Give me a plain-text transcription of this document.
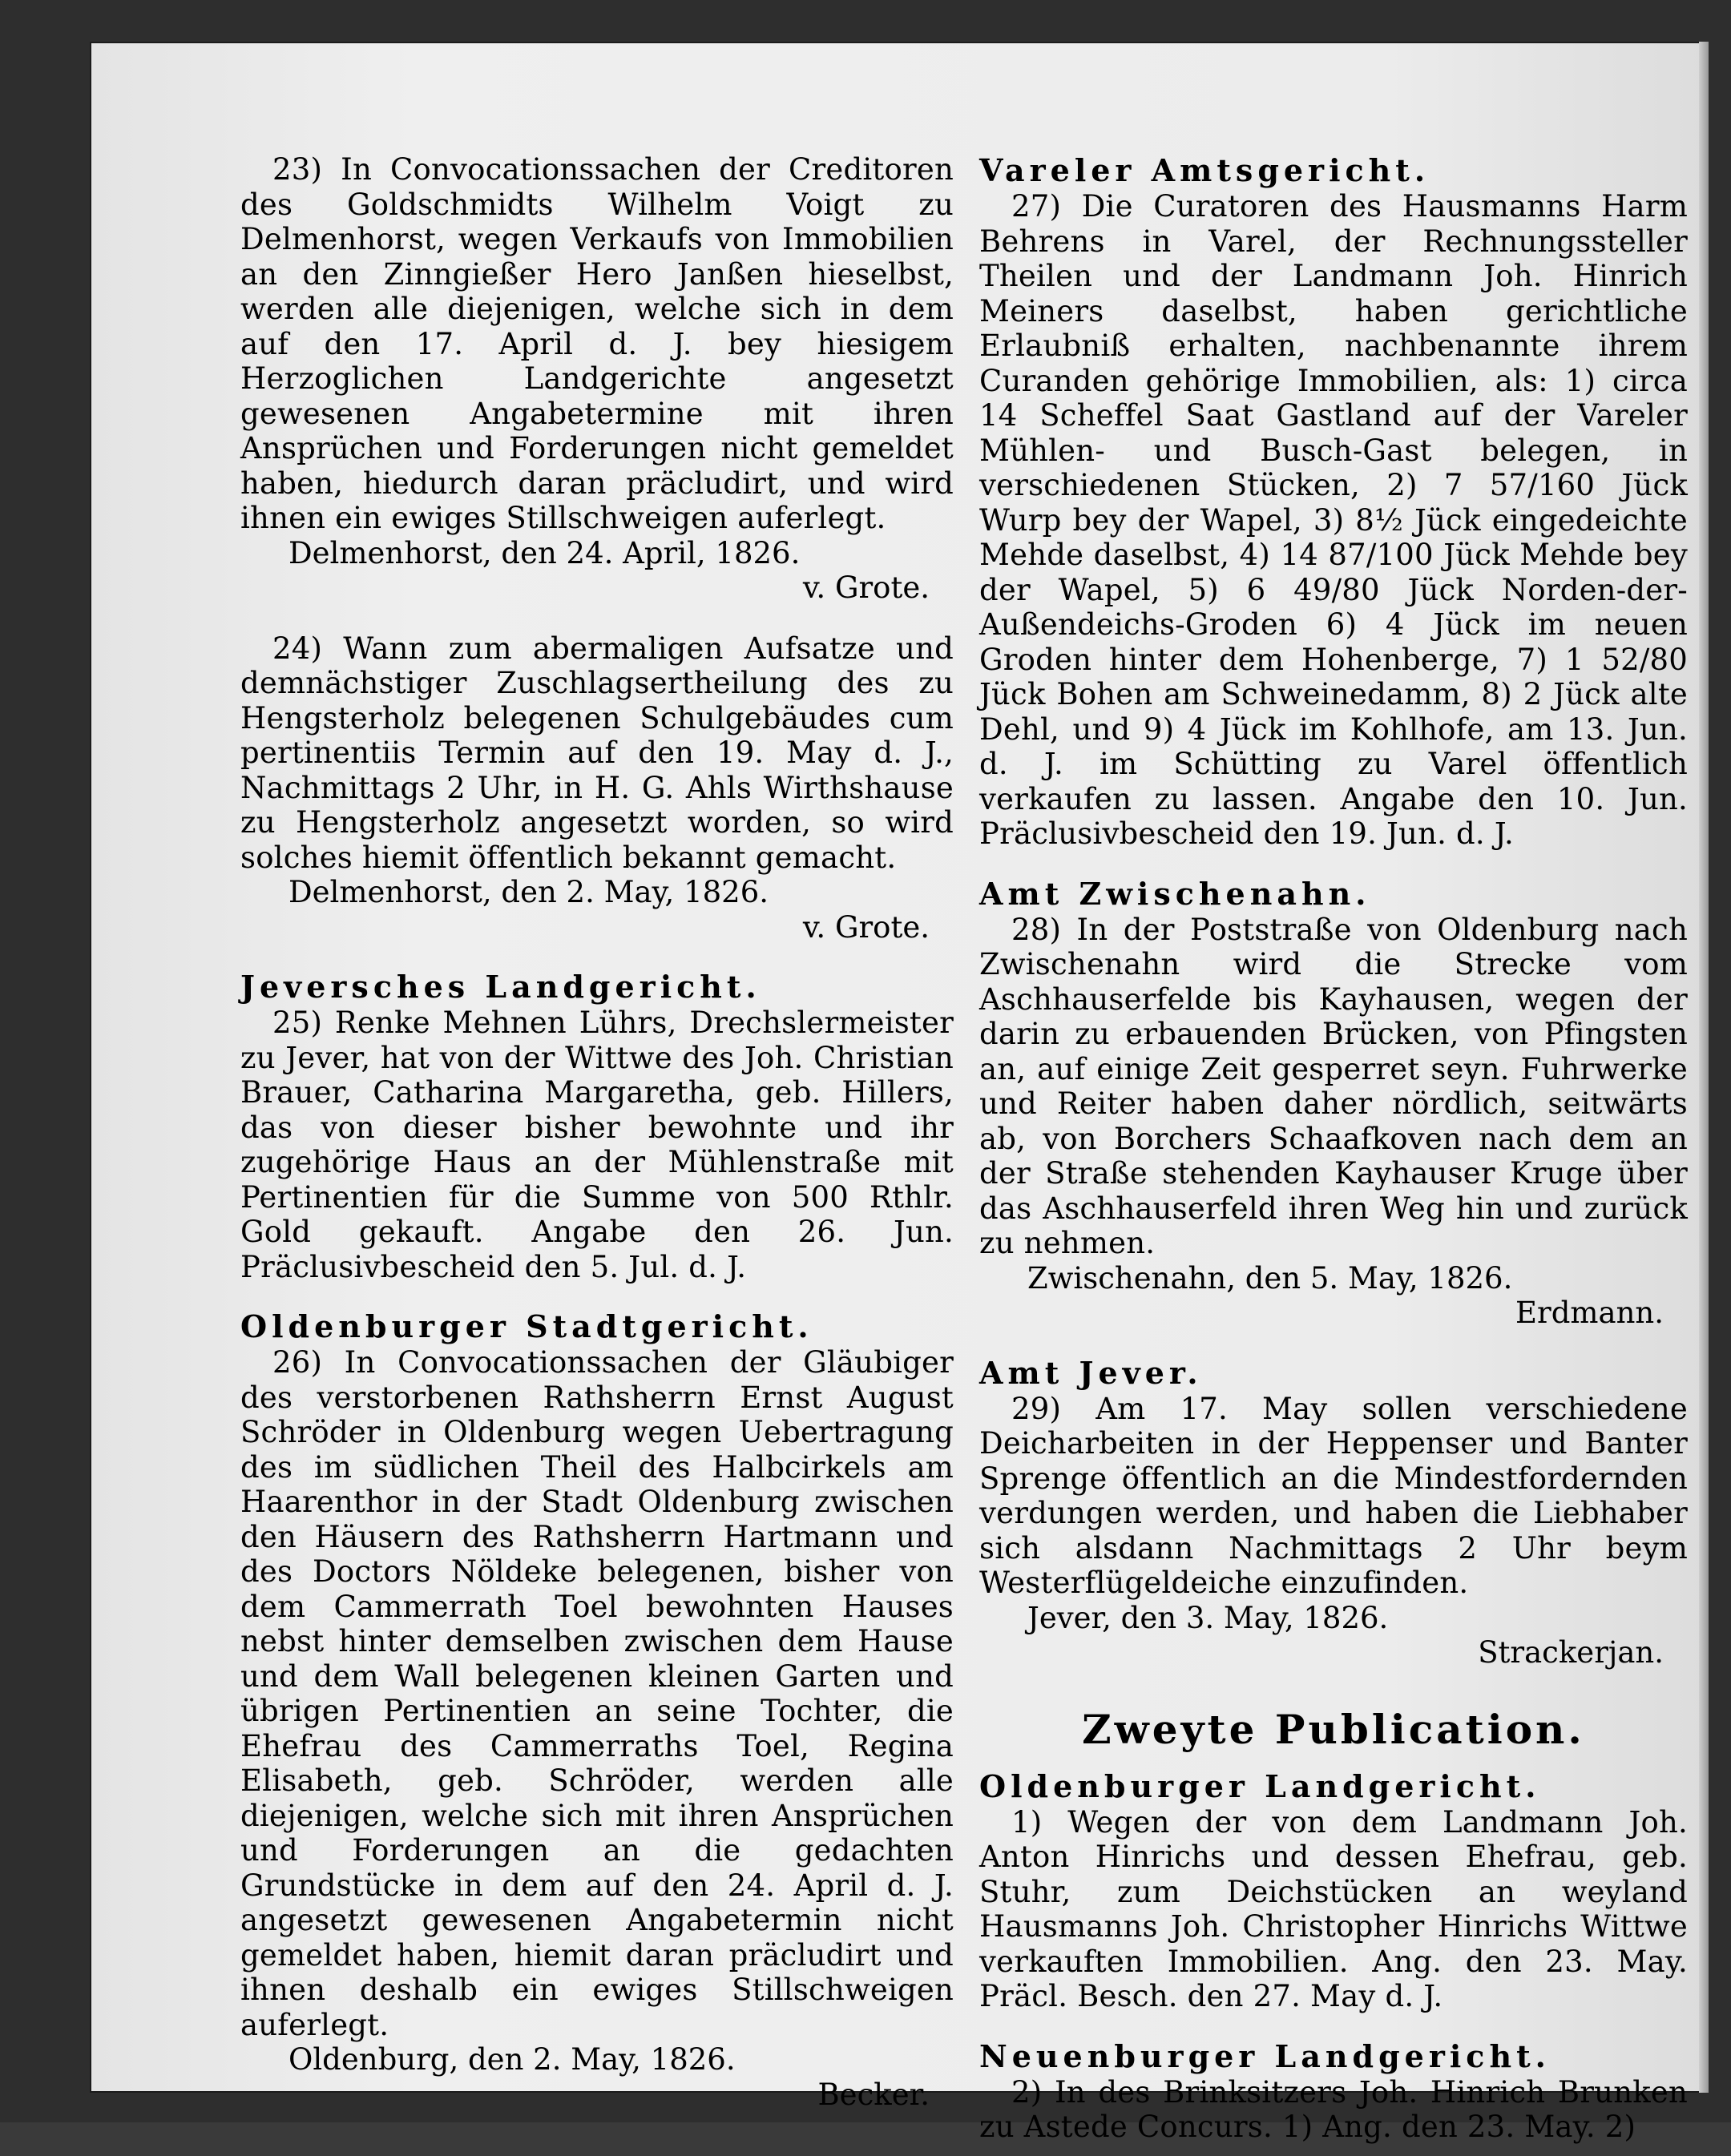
23) In Convocationssachen der Creditoren des Goldschmidts Wilhelm Voigt zu Delmenhorst, wegen Verkaufs von Immobilien an den Zinngießer Hero Janßen hieselbst, werden alle diejenigen, welche sich in dem auf den 17. April d. J. bey hiesigem Herzoglichen Landgerichte angesetzt gewesenen Angabetermine mit ihren Ansprüchen und Forderungen nicht gemeldet haben, hiedurch daran präcludirt, und wird ihnen ein ewiges Stillschweigen auferlegt.

Delmenhorst, den 24. April, 1826.

v. Grote.

24) Wann zum abermaligen Aufsatze und demnächstiger Zuschlagsertheilung des zu Hengsterholz belegenen Schulgebäudes cum pertinentiis Termin auf den 19. May d. J., Nachmittags 2 Uhr, in H. G. Ahls Wirthshause zu Hengsterholz angesetzt worden, so wird solches hiemit öffentlich bekannt gemacht.

Delmenhorst, den 2. May, 1826.

v. Grote.

Jeversches Landgericht.

25) Renke Mehnen Lührs, Drechslermeister zu Jever, hat von der Wittwe des Joh. Christian Brauer, Catharina Margaretha, geb. Hillers, das von dieser bisher bewohnte und ihr zugehörige Haus an der Mühlenstraße mit Pertinentien für die Summe von 500 Rthlr. Gold gekauft. Angabe den 26. Jun. Präclusivbescheid den 5. Jul. d. J.

Oldenburger Stadtgericht.

26) In Convocationssachen der Gläubiger des verstorbenen Rathsherrn Ernst August Schröder in Oldenburg wegen Uebertragung des im südlichen Theil des Halbcirkels am Haarenthor in der Stadt Oldenburg zwischen den Häusern des Rathsherrn Hartmann und des Doctors Nöldeke belegenen, bisher von dem Cammerrath Toel bewohnten Hauses nebst hinter demselben zwischen dem Hause und dem Wall belegenen kleinen Garten und übrigen Pertinentien an seine Tochter, die Ehefrau des Cammerraths Toel, Regina Elisabeth, geb. Schröder, werden alle diejenigen, welche sich mit ihren Ansprüchen und Forderungen an die gedachten Grundstücke in dem auf den 24. April d. J. angesetzt gewesenen Angabetermin nicht gemeldet haben, hiemit daran präcludirt und ihnen deshalb ein ewiges Stillschweigen auferlegt.

Oldenburg, den 2. May, 1826.

Becker.

Vareler Amtsgericht.

27) Die Curatoren des Hausmanns Harm Behrens in Varel, der Rechnungssteller Theilen und der Landmann Joh. Hinrich Meiners daselbst, haben gerichtliche Erlaubniß erhalten, nachbenannte ihrem Curanden gehörige Immobilien, als: 1) circa 14 Scheffel Saat Gastland auf der Vareler Mühlen- und Busch-Gast belegen, in verschiedenen Stücken, 2) 7 57/160 Jück Wurp bey der Wapel, 3) 8½ Jück eingedeichte Mehde daselbst, 4) 14 87/100 Jück Mehde bey der Wapel, 5) 6 49/80 Jück Norden-der-Außendeichs-Groden 6) 4 Jück im neuen Groden hinter dem Hohenberge, 7) 1 52/80 Jück Bohen am Schweinedamm, 8) 2 Jück alte Dehl, und 9) 4 Jück im Kohlhofe, am 13. Jun. d. J. im Schütting zu Varel öffentlich verkaufen zu lassen. Angabe den 10. Jun. Präclusivbescheid den 19. Jun. d. J.

Amt Zwischenahn.

28) In der Poststraße von Oldenburg nach Zwischenahn wird die Strecke vom Aschhauserfelde bis Kayhausen, wegen der darin zu erbauenden Brücken, von Pfingsten an, auf einige Zeit gesperret seyn. Fuhrwerke und Reiter haben daher nördlich, seitwärts ab, von Borchers Schaafkoven nach dem an der Straße stehenden Kayhauser Kruge über das Aschhauserfeld ihren Weg hin und zurück zu nehmen.

Zwischenahn, den 5. May, 1826.

Erdmann.

Amt Jever.

29) Am 17. May sollen verschiedene Deicharbeiten in der Heppenser und Banter Sprenge öffentlich an die Mindestfordernden verdungen werden, und haben die Liebhaber sich alsdann Nachmittags 2 Uhr beym Westerflügeldeiche einzufinden.

Jever, den 3. May, 1826.

Strackerjan.

Zweyte Publication.

Oldenburger Landgericht.

1) Wegen der von dem Landmann Joh. Anton Hinrichs und dessen Ehefrau, geb. Stuhr, zum Deichstücken an weyland Hausmanns Joh. Christopher Hinrichs Wittwe verkauften Immobilien. Ang. den 23. May. Präcl. Besch. den 27. May d. J.

Neuenburger Landgericht.

2) In des Brinksitzers Joh. Hinrich Brunken zu Astede Concurs. 1) Ang. den 23. May. 2)
